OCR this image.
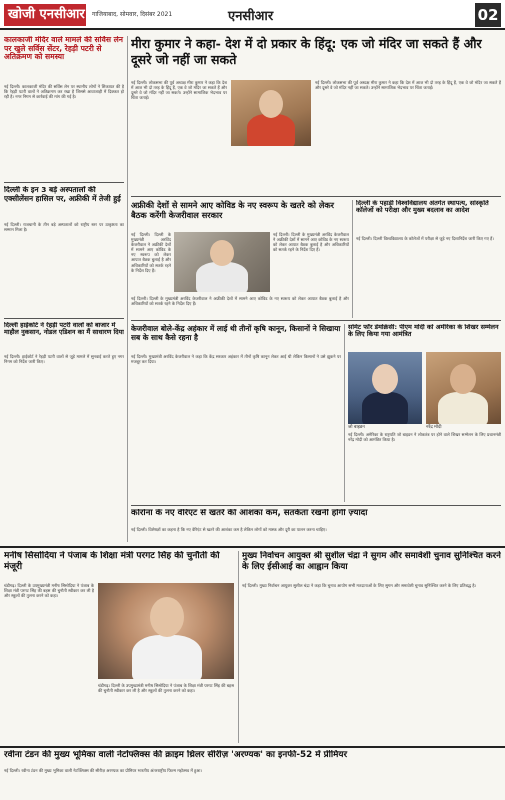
खोजी एनसीआर गाजियाबाद, सोमवार, दिसंबर 2021	एनसीआर	02
कालकाजी मंदिर वाले मामले की सर्विस लेन पर खुले सर्विस सेंटर, रेहड़ी पटरी से अतिक्रमण को समस्या
नई दिल्ली। कालकाजी मंदिर की सर्विस लेन पर स्थानीय लोगों ने शिकायत की है कि रेहड़ी पटरी वालों ने अतिक्रमण कर रखा है जिससे आवाजाही में दिक्कत हो रही है। नगर निगम से कार्रवाई की मांग की गई है।
दिल्ली के इन 3 बड़े अस्पतालों की एक्सीलेंसन हासिल पर, अफ्रीकी में तेजी हुई
नई दिल्ली। राजधानी के तीन बड़े अस्पतालों को राष्ट्रीय स्तर पर उत्कृष्टता का सम्मान मिला है।
दिल्ली हाईकोर्ट ने रेहड़ी पटरी वालों को बाजार में माहौल नुकसान, नोडल एडिशन का मैं साधारण दिया
नई दिल्ली। हाईकोर्ट ने रेहड़ी पटरी वालों से जुड़े मामले में सुनवाई करते हुए नगर निगम को निर्देश जारी किए।
मीरा कुमार ने कहा- देश में दो प्रकार के हिंदू: एक जो मंदिर जा सकते हैं और दूसरे जो नहीं जा सकते
नई दिल्ली। लोकसभा की पूर्व अध्यक्ष मीरा कुमार ने कहा कि देश में आज भी दो तरह के हिंदू हैं, एक वे जो मंदिर जा सकते हैं और दूसरे वे जो मंदिर नहीं जा सकते। उन्होंने सामाजिक भेदभाव पर चिंता जताई।
नई दिल्ली। लोकसभा की पूर्व अध्यक्ष मीरा कुमार ने कहा कि देश में आज भी दो तरह के हिंदू हैं, एक वे जो मंदिर जा सकते हैं और दूसरे वे जो मंदिर नहीं जा सकते। उन्होंने सामाजिक भेदभाव पर चिंता जताई।
अफ्रीकी देशों से सामने आए कोविड के नए स्वरूप के खतरे को लेकर बैठक करेंगी केजरीवाल सरकार
नई दिल्ली। दिल्ली के मुख्यमंत्री अरविंद केजरीवाल ने अफ्रीकी देशों में सामने आए कोविड के नए स्वरूप को लेकर आपात बैठक बुलाई है और अधिकारियों को सतर्क रहने के निर्देश दिए हैं।
नई दिल्ली। दिल्ली के मुख्यमंत्री अरविंद केजरीवाल ने अफ्रीकी देशों में सामने आए कोविड के नए स्वरूप को लेकर आपात बैठक बुलाई है और अधिकारियों को सतर्क रहने के निर्देश दिए हैं।
नई दिल्ली। दिल्ली के मुख्यमंत्री अरविंद केजरीवाल ने अफ्रीकी देशों में सामने आए कोविड के नए स्वरूप को लेकर आपात बैठक बुलाई है और अधिकारियों को सतर्क रहने के निर्देश दिए हैं।
दिल्ली के पहाड़ी विश्वविद्यालय अंतर्गत स्थापत्य, सांस्कृति कॉलेजों को परीक्षा और मुख्य बदलाव का आदेश
नई दिल्ली। दिल्ली विश्वविद्यालय के कॉलेजों में परीक्षा से जुड़े नए दिशानिर्देश जारी किए गए हैं।
केजरीवाल बोले-केंद्र अहंकार में लाई थी तीनों कृषि कानून, किसानों ने सिखाया सब के साथ कैसे रहना है
नई दिल्ली। मुख्यमंत्री अरविंद केजरीवाल ने कहा कि केंद्र सरकार अहंकार में तीनों कृषि कानून लेकर आई थी लेकिन किसानों ने उसे झुकने पर मजबूर कर दिया।
समिट फॉर डेमोक्रेसी: पीएम मोदी को अमेरिका के शिखर सम्मेलन के लिए किया गया आमंत्रित
जो बाइडन	नरेंद्र मोदी
नई दिल्ली। अमेरिका के राष्ट्रपति जो बाइडन ने लोकतंत्र पर होने वाले शिखर सम्मेलन के लिए प्रधानमंत्री नरेंद्र मोदी को आमंत्रित किया है।
कोरोना के नए वेरिएंट से खतरे की आशंका कम, सतर्कता रखनी होगी ज़्यादा
नई दिल्ली। विशेषज्ञों का कहना है कि नए वेरिएंट से खतरे की आशंका कम है लेकिन लोगों को मास्क और दूरी का पालन करना चाहिए।
मनीष सिसोदिया ने पंजाब के शिक्षा मंत्री परगट सिंह की चुनौती की मंजूरी
चंडीगढ़। दिल्ली के उपमुख्यमंत्री मनीष सिसोदिया ने पंजाब के शिक्षा मंत्री परगट सिंह की बहस की चुनौती स्वीकार कर ली है और स्कूलों की तुलना करने को कहा।
चंडीगढ़। दिल्ली के उपमुख्यमंत्री मनीष सिसोदिया ने पंजाब के शिक्षा मंत्री परगट सिंह की बहस की चुनौती स्वीकार कर ली है और स्कूलों की तुलना करने को कहा।
मुख्य निर्वाचन आयुक्त श्री सुशील चंद्रा ने सुगम और समावेशी चुनाव सुनिश्चित करने के लिए ईसीआई का आह्वान किया
नई दिल्ली। मुख्य निर्वाचन आयुक्त सुशील चंद्रा ने कहा कि चुनाव आयोग सभी मतदाताओं के लिए सुगम और समावेशी चुनाव सुनिश्चित करने के लिए प्रतिबद्ध है।
रवीना टंडन की मुख्य भूमिका वाली नेटफ्लिक्स की क्राइम थ्रिलर सीरीज़ 'अरण्यक' का इनफी-52 में प्रीमियर
नई दिल्ली। रवीना टंडन की मुख्य भूमिका वाली नेटफ्लिक्स की सीरीज़ अरण्यक का प्रीमियर भारतीय अंतरराष्ट्रीय फिल्म महोत्सव में हुआ।
